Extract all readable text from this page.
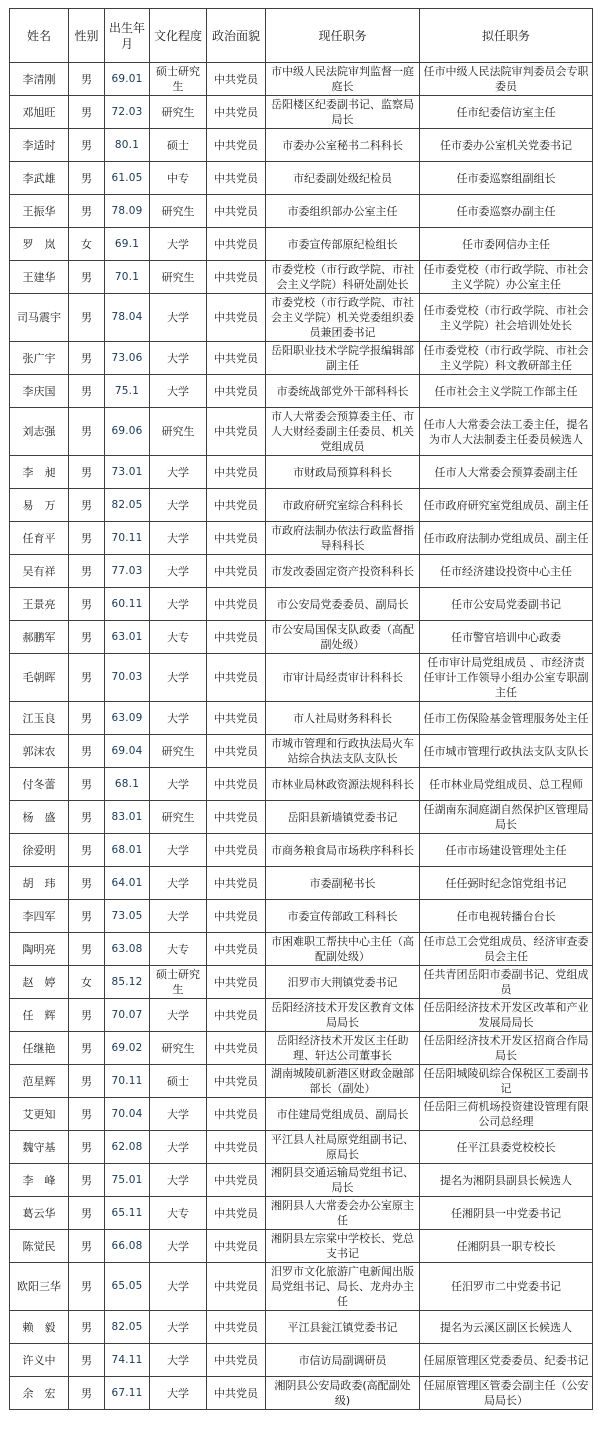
姓名	性别	出生年月	文化程度	政治面貌	现任职务	拟任职务
李清刚	男	69.01	硕士研究生	中共党员	市中级人民法院审判监督一庭庭长	任市中级人民法院审判委员会专职委员
邓旭旺	男	72.03	研究生	中共党员	岳阳楼区纪委副书记、监察局局长	任市纪委信访室主任
李适时	男	80.1	硕士	中共党员	市委办公室秘书二科科长	任市委办公室机关党委书记
李武雄	男	61.05	中专	中共党员	市纪委副处级纪检员	任市委巡察组副组长
王振华	男	78.09	研究生	中共党员	市委组织部办公室主任	任市委巡察办副主任
罗　岚	女	69.1	大学	中共党员	市委宣传部原纪检组长	任市委网信办主任
王建华	男	70.1	研究生	中共党员	市委党校（市行政学院、市社会主义学院）科研处副处长	任市委党校（市行政学院、市社会主义学院）办公室主任
司马震宇	男	78.04	大学	中共党员	市委党校（市行政学院、市社会主义学院）机关党委组织委员兼团委书记	任市委党校（市行政学院、市社会主义学院）社会培训处处长
张广宇	男	73.06	大学	中共党员	岳阳职业技术学院学报编辑部副主任	任市委党校（市行政学院、市社会主义学院）科文教研部主任
李庆国	男	75.1	大学	中共党员	市委统战部党外干部科科长	任市社会主义学院工作部主任
刘志强	男	69.06	研究生	中共党员	市人大常委会预算委主任、市人大财经委副主任委员、机关党组成员	任市人大常委会法工委主任，提名为市人大法制委主任委员候选人
李　昶	男	73.01	大学	中共党员	市财政局预算科科长	任市人大常委会预算委副主任
易　万	男	82.05	大学	中共党员	市政府研究室综合科科长	任市政府研究室党组成员、副主任
任育平	男	70.11	大学	中共党员	市政府法制办依法行政监督指导科科长	任市政府法制办党组成员、副主任
吴有祥	男	77.03	大学	中共党员	市发改委固定资产投资科科长	任市经济建设投资中心主任
王景亮	男	60.11	大学	中共党员	市公安局党委委员、副局长	任市公安局党委副书记
郝鹏军	男	63.01	大专	中共党员	市公安局国保支队政委（高配副处级）	任市警官培训中心政委
毛朝晖	男	70.03	大学	中共党员	市审计局经责审计科科长	任市审计局党组成员 、市经济责任审计工作领导小组办公室专职副主任
江玉良	男	63.09	大学	中共党员	市人社局财务科科长	任市工伤保险基金管理服务处主任
郭沫农	男	69.04	研究生	中共党员	市城市管理和行政执法局火车站综合执法支队支队长	任市城市管理行政执法支队支队长
付冬蕾	男	68.1	大学	中共党员	市林业局林政资源法规科科长	任市林业局党组成员、总工程师
杨　盛	男	83.01	研究生	中共党员	岳阳县新墙镇党委书记	任湖南东洞庭湖自然保护区管理局局长
徐爱明	男	68.01	大学	中共党员	市商务粮食局市场秩序科科长	任市市场建设管理处主任
胡　玮	男	64.01	大学	中共党员	市委副秘书长	任任弼时纪念馆党组书记
李四军	男	73.05	大学	中共党员	市委宣传部政工科科长	任市电视转播台台长
陶明亮	男	63.08	大专	中共党员	市困难职工帮扶中心主任（高配副处级）	任市总工会党组成员、经济审查委员会主任
赵　婷	女	85.12	硕士研究生	中共党员	汨罗市大荆镇党委书记	任共青团岳阳市委副书记、党组成员
任　辉	男	70.07	大学	中共党员	岳阳经济技术开发区教育文体局局长	任岳阳经济技术开发区改革和产业发展局局长
任继艳	男	69.02	研究生	中共党员	岳阳经济技术开发区主任助理、轩达公司董事长	任岳阳经济技术开发区招商合作局局长
范星辉	男	70.11	硕士	中共党员	湖南城陵矶新港区财政金融部部长（副处）	任岳阳城陵矶综合保税区工委副书记
艾更知	男	70.04	大学	中共党员	市住建局党组成员、副局长	任岳阳三荷机场投资建设管理有限公司总经理
魏守基	男	62.08	大学	中共党员	平江县人社局原党组副书记、原局长	任平江县委党校校长
李　峰	男	75.01	大学	中共党员	湘阴县交通运输局党组书记、局长	提名为湘阴县副县长候选人
葛云华	男	65.11	大专	中共党员	湘阴县人大常委会办公室原主任	任湘阴县一中党委书记
陈觉民	男	66.08	大学	中共党员	湘阴县左宗棠中学校长、党总支书记	任湘阴县一职专校长
欧阳三华	男	65.05	大学	中共党员	汨罗市文化旅游广电新闻出版局党组书记、局长、龙舟办主任	任汨罗市二中党委书记
赖　毅	男	82.05	大学	中共党员	平江县瓮江镇党委书记	提名为云溪区副区长候选人
许义中	男	74.11	大学	中共党员	市信访局副调研员	任屈原管理区党委委员、纪委书记
余　宏	男	67.11	大学	中共党员	湘阴县公安局政委(高配副处级)	任屈原管理区管委会副主任（公安局局长）
